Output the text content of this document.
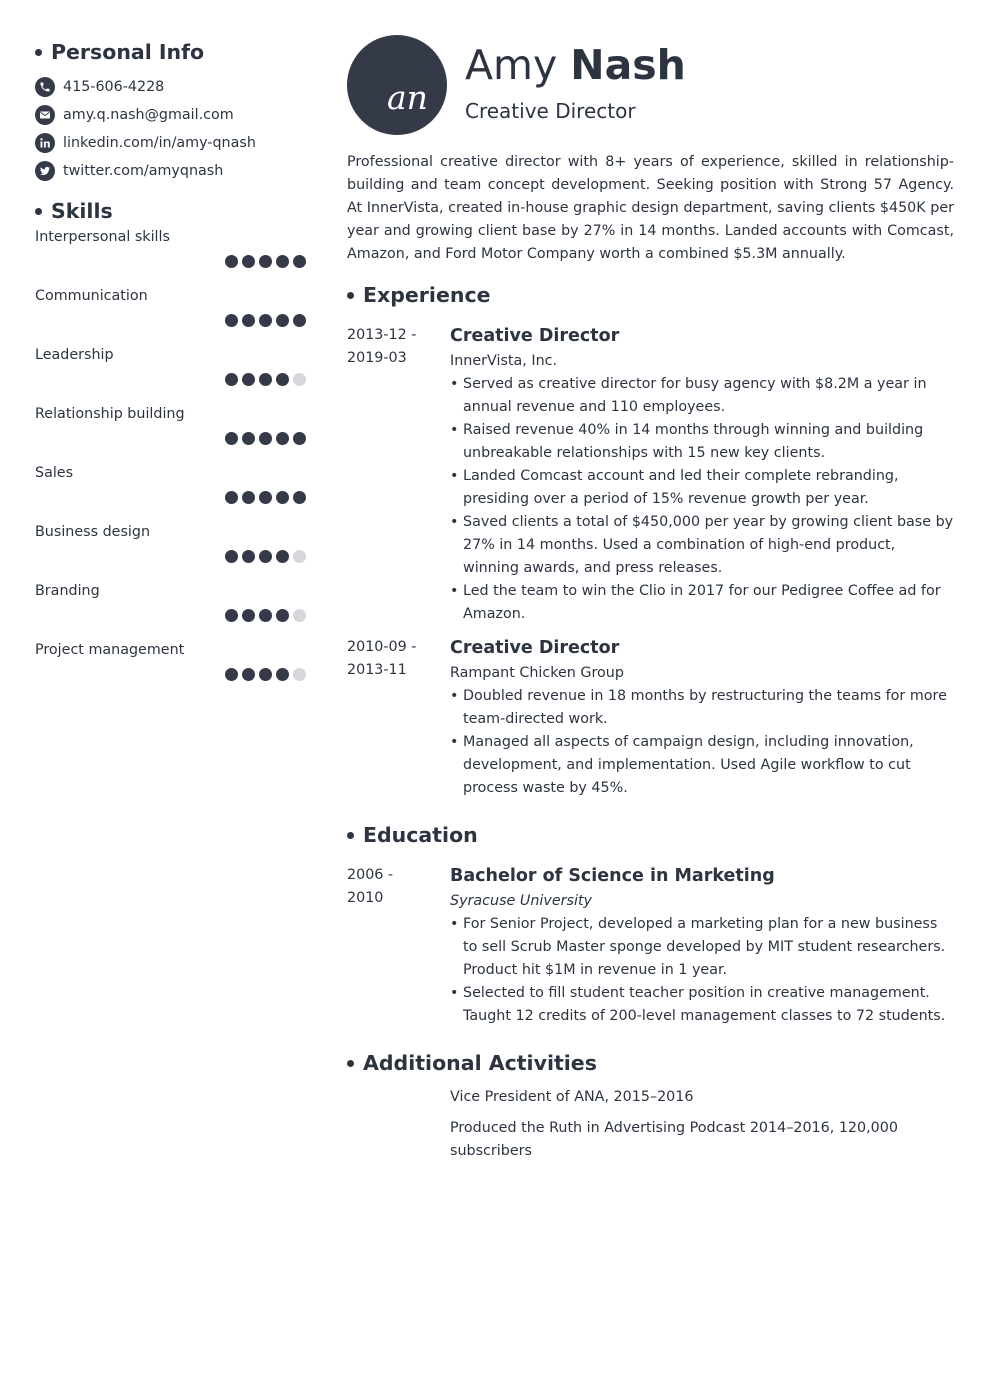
Personal Info
415-606-4228
amy.q.nash@gmail.com
linkedin.com/in/amy-qnash
twitter.com/amyqnash
Skills
Interpersonal skills
Communication
Leadership
Relationship building
Sales
Business design
Branding
Project management
an
Amy Nash
Creative Director
Professional creative director with 8+ years of experience, skilled in relationship-building and team concept development. Seeking position with Strong 57 Agency. At InnerVista, created in-house graphic design department, saving clients $450K per year and growing client base by 27% in 14 months. Landed accounts with Comcast, Amazon, and Ford Motor Company worth a combined $5.3M annually.
Experience
2013-12 -
2019-03
Creative Director
InnerVista, Inc.
• Served as creative director for busy agency with $8.2M a year in annual revenue and 110 employees.
• Raised revenue 40% in 14 months through winning and building unbreakable relationships with 15 new key clients.
• Landed Comcast account and led their complete rebranding, presiding over a period of 15% revenue growth per year.
• Saved clients a total of $450,000 per year by growing client base by 27% in 14 months. Used a combination of high-end product, winning awards, and press releases.
• Led the team to win the Clio in 2017 for our Pedigree Coffee ad for Amazon.
2010-09 -
2013-11
Creative Director
Rampant Chicken Group
• Doubled revenue in 18 months by restructuring the teams for more team-directed work.
• Managed all aspects of campaign design, including innovation, development, and implementation. Used Agile workflow to cut process waste by 45%.
Education
2006 -
2010
Bachelor of Science in Marketing
Syracuse University
• For Senior Project, developed a marketing plan for a new business to sell Scrub Master sponge developed by MIT student researchers. Product hit $1M in revenue in 1 year.
• Selected to fill student teacher position in creative management. Taught 12 credits of 200-level management classes to 72 students.
Additional Activities
Vice President of ANA, 2015–2016
Produced the Ruth in Advertising Podcast 2014–2016, 120,000 subscribers
